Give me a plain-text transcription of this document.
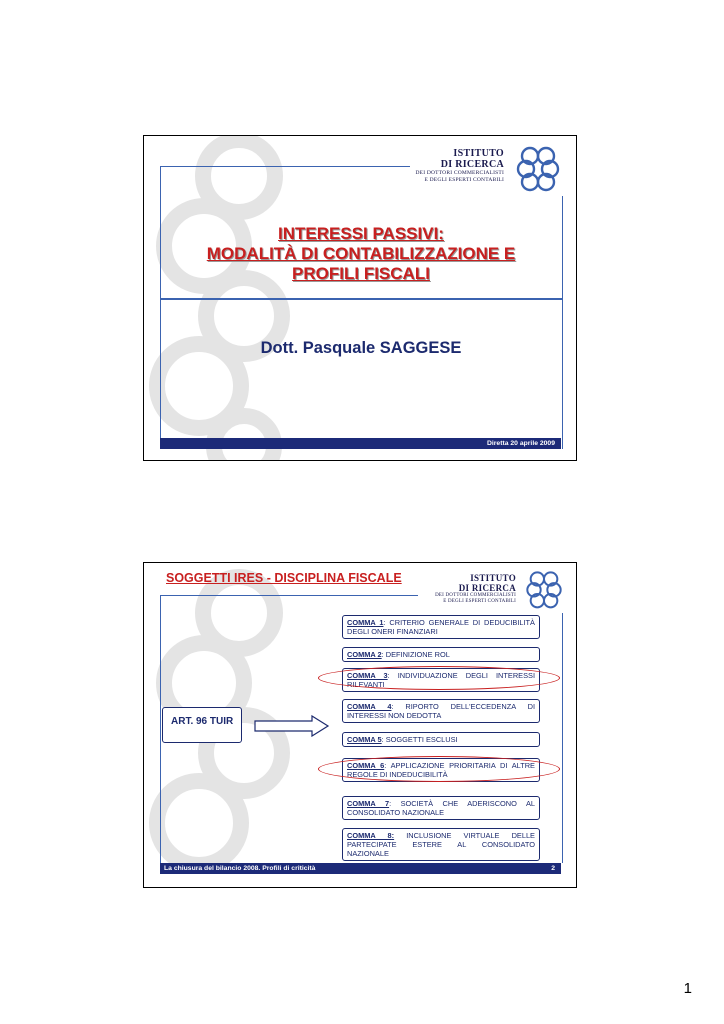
ISTITUTO
DI RICERCA
DEI DOTTORI COMMERCIALISTI
E DEGLI ESPERTI CONTABILI
INTERESSI PASSIVI:
MODALITÀ DI CONTABILIZZAZIONE E
PROFILI FISCALI
Dott. Pasquale SAGGESE
Diretta 20 aprile 2009
SOGGETTI IRES - DISCIPLINA FISCALE	ISTITUTO
DI RICERCA
DEI DOTTORI COMMERCIALISTI
E DEGLI ESPERTI CONTABILI
COMMA 1: CRITERIO GENERALE DI DEDUCIBILITÀ DEGLI ONERI FINANZIARI
COMMA 2: DEFINIZIONE ROL
COMMA 3: INDIVIDUAZIONE DEGLI INTERESSI RILEVANTI
COMMA 4: RIPORTO DELL'ECCEDENZA DI INTERESSI NON DEDOTTA
COMMA 5: SOGGETTI ESCLUSI
COMMA 6: APPLICAZIONE PRIORITARIA DI ALTRE REGOLE DI INDEDUCIBILITÀ
COMMA 7: SOCIETÀ CHE ADERISCONO AL CONSOLIDATO NAZIONALE
COMMA 8: INCLUSIONE VIRTUALE DELLE PARTECIPATE ESTERE AL CONSOLIDATO NAZIONALE
ART. 96 TUIR
La chiusura del bilancio 2008. Profili di criticità	2
1
